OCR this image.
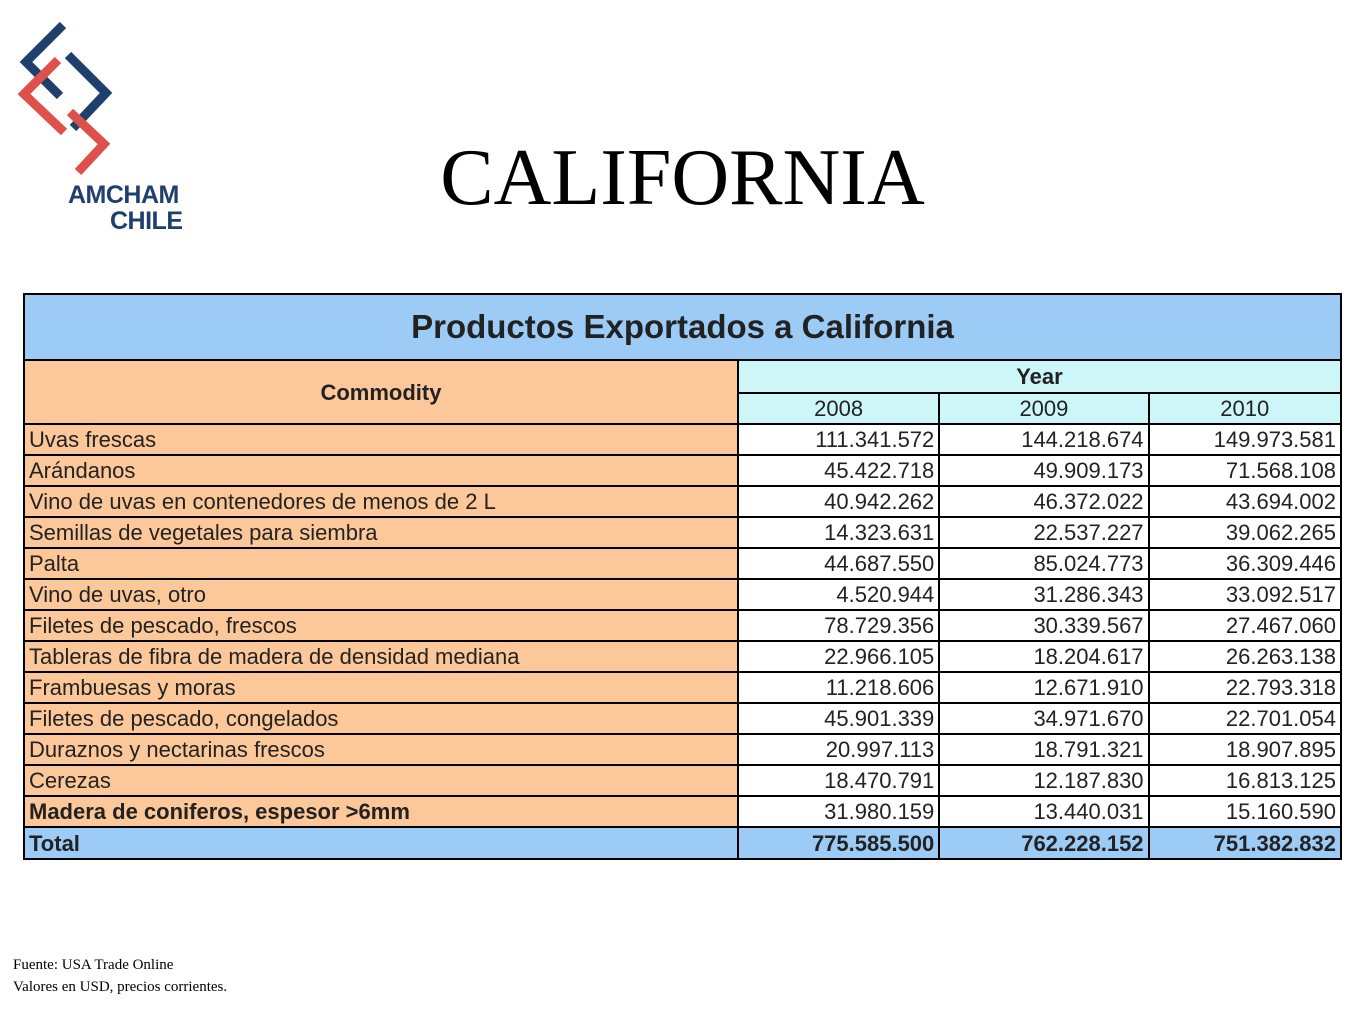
AMCHAM
CHILE	CALIFORNIA
Productos Exportados a California			
Commodity	Year		
	2008	2009	2010
Uvas frescas	111.341.572	144.218.674	149.973.581
Arándanos	45.422.718	49.909.173	71.568.108
Vino de uvas en contenedores de menos de 2 L	40.942.262	46.372.022	43.694.002
Semillas de vegetales para siembra	14.323.631	22.537.227	39.062.265
Palta	44.687.550	85.024.773	36.309.446
Vino de uvas, otro	4.520.944	31.286.343	33.092.517
Filetes de pescado, frescos	78.729.356	30.339.567	27.467.060
Tableras de fibra de madera de densidad mediana	22.966.105	18.204.617	26.263.138
Frambuesas y moras	11.218.606	12.671.910	22.793.318
Filetes de pescado, congelados	45.901.339	34.971.670	22.701.054
Duraznos y nectarinas frescos	20.997.113	18.791.321	18.907.895
Cerezas	18.470.791	12.187.830	16.813.125
Madera de coniferos, espesor >6mm	31.980.159	13.440.031	15.160.590
Total	775.585.500	762.228.152	751.382.832
Fuente: USA Trade Online
Valores en USD, precios corrientes.
